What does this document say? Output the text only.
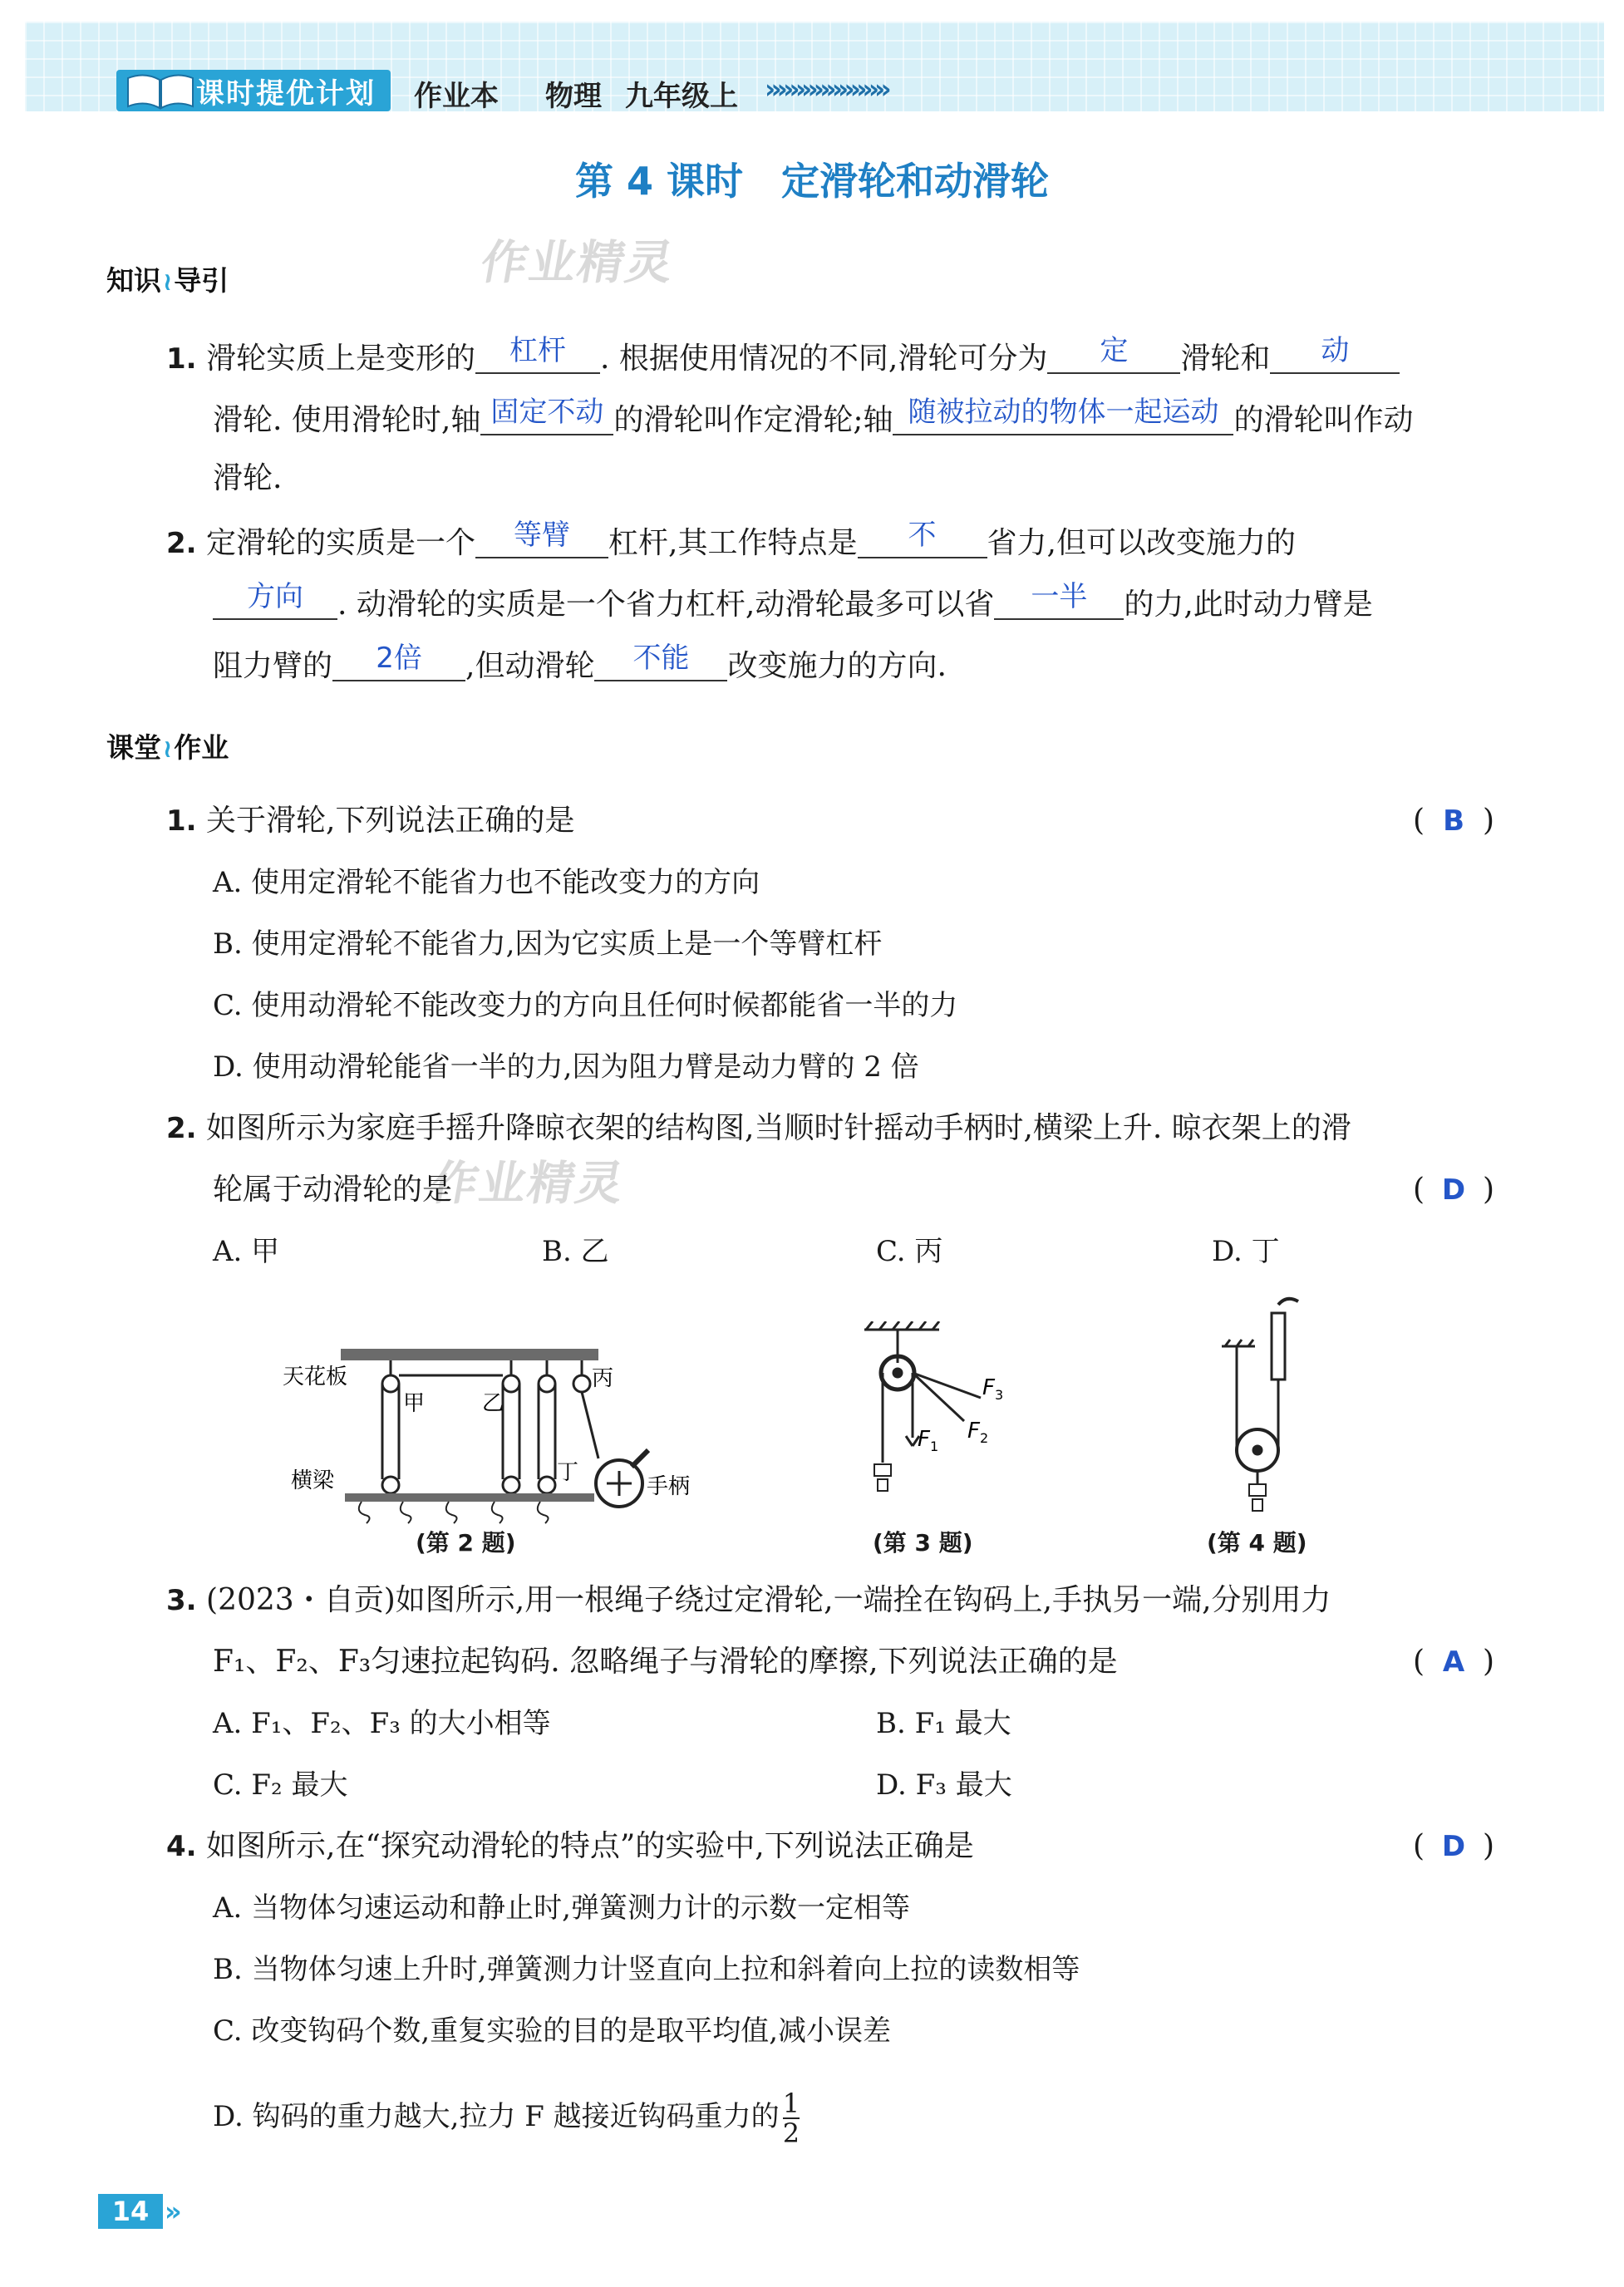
课时提优计划 作业本 物理 九年级上 »»»»»»»»»»
第 4 课时　定滑轮和动滑轮
作业精灵
作业精灵
知识≀导引
1. 滑轮实质上是变形的	杠杆	. 根据使用情况的不同,滑轮可分为	定	滑轮和	动
滑轮. 使用滑轮时,轴 固定不动 的滑轮叫作定滑轮;轴 随被拉动的物体一起运动 的滑轮叫作动
滑轮.
2. 定滑轮的实质是一个	等臂	杠杆,其工作特点是	不	省力,但可以改变施力的
方向	. 动滑轮的实质是一个省力杠杆,动滑轮最多可以省	一半	的力,此时动力臂是
阻力臂的	2倍	,但动滑轮	不能	改变施力的方向.
课堂≀作业
1. 关于滑轮,下列说法正确的是	( B )
A. 使用定滑轮不能省力也不能改变力的方向
B. 使用定滑轮不能省力,因为它实质上是一个等臂杠杆
C. 使用动滑轮不能改变力的方向且任何时候都能省一半的力
D. 使用动滑轮能省一半的力,因为阻力臂是动力臂的 2 倍
2. 如图所示为家庭手摇升降晾衣架的结构图,当顺时针摇动手柄时,横梁上升. 晾衣架上的滑
轮属于动滑轮的是	( D )
A. 甲	B. 乙	C. 丙	D. 丁
天花板
横梁
甲	乙
丙
丁
手柄
(第 2 题)
$F_1$
$F_2$
$F_3$
(第 3 题)	(第 4 题)
3. (2023・自贡)如图所示,用一根绳子绕过定滑轮,一端拴在钩码上,手执另一端,分别用力
F₁、F₂、F₃匀速拉起钩码. 忽略绳子与滑轮的摩擦,下列说法正确的是	( A )
A. F₁、F₂、F₃ 的大小相等	B. F₁ 最大
C. F₂ 最大	D. F₃ 最大
4. 如图所示,在“探究动滑轮的特点”的实验中,下列说法正确是	( D )
A. 当物体匀速运动和静止时,弹簧测力计的示数一定相等
B. 当物体匀速上升时,弹簧测力计竖直向上拉和斜着向上拉的读数相等
C. 改变钩码个数,重复实验的目的是取平均值,减小误差
D. 钩码的重力越大,拉力 F 越接近钩码重力的 $\frac{1}{2}$
14 »
